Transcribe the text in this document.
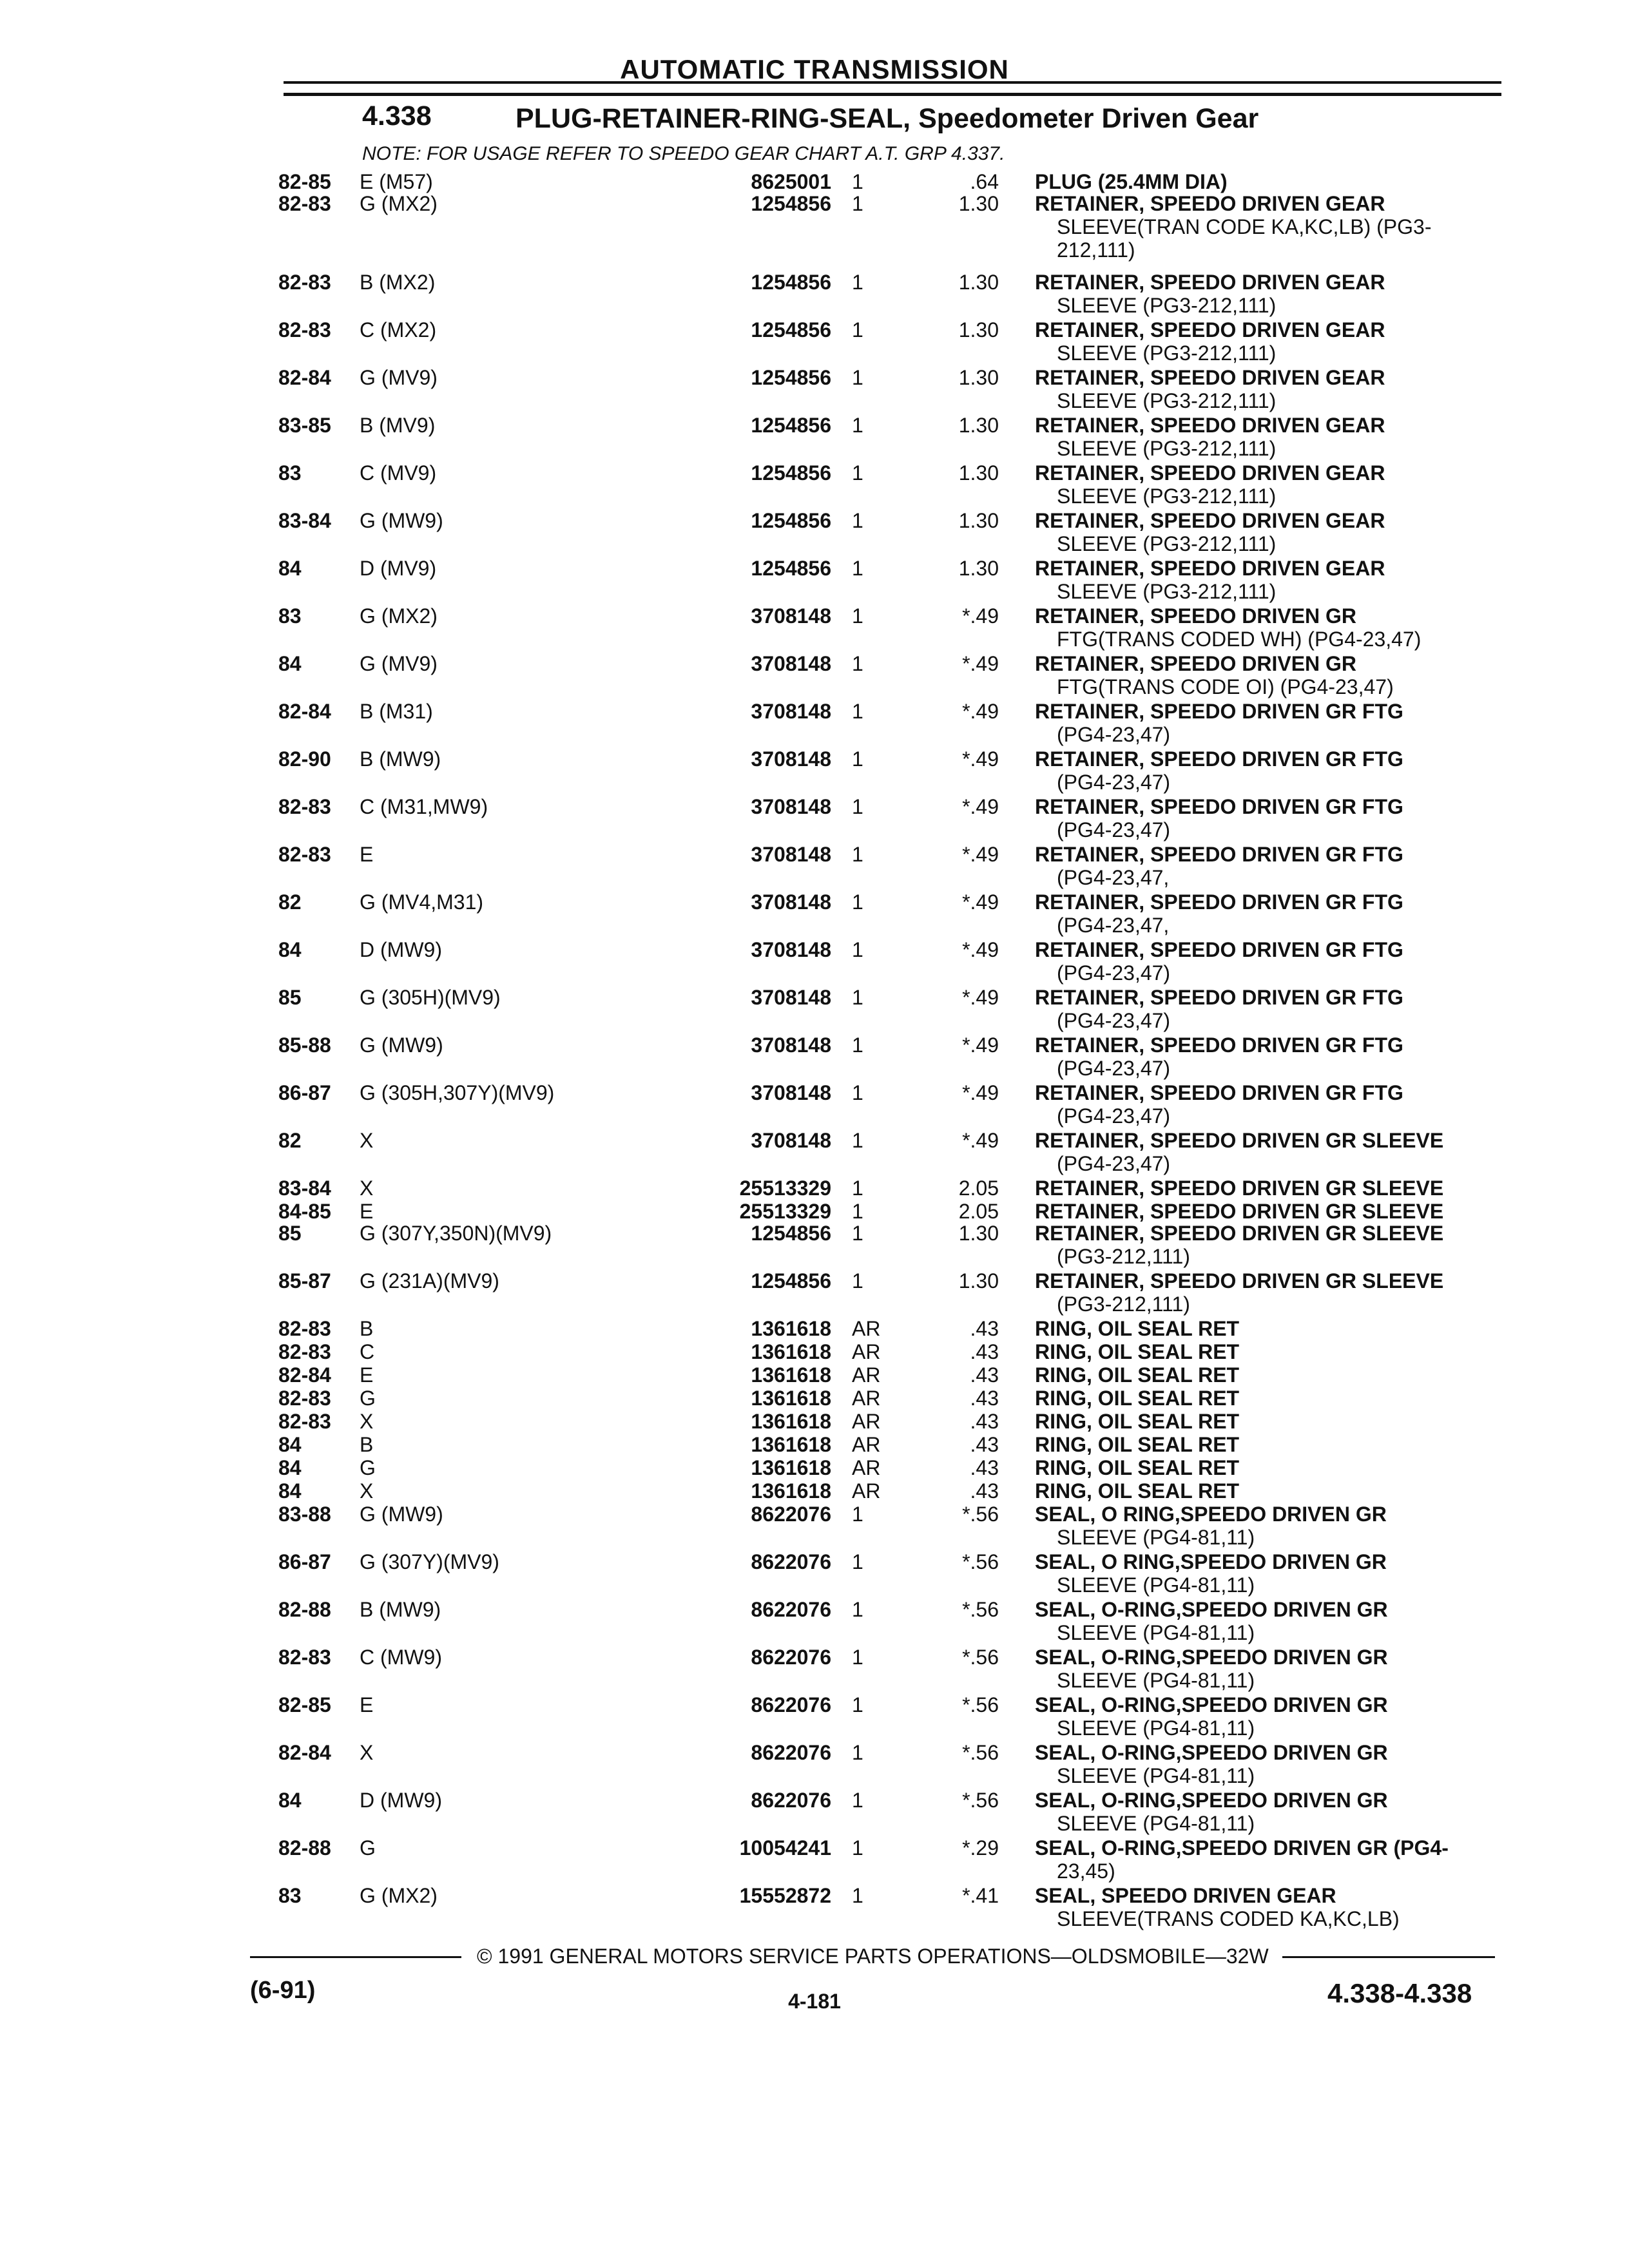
AUTOMATIC TRANSMISSION
4.338	PLUG-RETAINER-RING-SEAL, Speedometer Driven Gear
NOTE: FOR USAGE REFER TO SPEEDO GEAR CHART A.T. GRP 4.337.
82-85 E (M57)	8625001 1	.64 PLUG (25.4MM DIA)
82-83 G (MX2)	1254856 1	1.30 RETAINER, SPEEDO DRIVEN GEAR
SLEEVE(TRAN CODE KA,KC,LB) (PG3-
212,111)
82-83 B (MX2)	1254856 1	1.30 RETAINER, SPEEDO DRIVEN GEAR
SLEEVE (PG3-212,111)
82-83 C (MX2)	1254856 1	1.30 RETAINER, SPEEDO DRIVEN GEAR
SLEEVE (PG3-212,111)
82-84 G (MV9)	1254856 1	1.30 RETAINER, SPEEDO DRIVEN GEAR
SLEEVE (PG3-212,111)
83-85 B (MV9)	1254856 1	1.30 RETAINER, SPEEDO DRIVEN GEAR
SLEEVE (PG3-212,111)
83	C (MV9)	1254856 1	1.30 RETAINER, SPEEDO DRIVEN GEAR
SLEEVE (PG3-212,111)
83-84 G (MW9)	1254856 1	1.30 RETAINER, SPEEDO DRIVEN GEAR
SLEEVE (PG3-212,111)
84	D (MV9)	1254856 1	1.30 RETAINER, SPEEDO DRIVEN GEAR
SLEEVE (PG3-212,111)
83	G (MX2)	3708148 1	*.49 RETAINER, SPEEDO DRIVEN GR
FTG(TRANS CODED WH) (PG4-23,47)
84	G (MV9)	3708148 1	*.49 RETAINER, SPEEDO DRIVEN GR
FTG(TRANS CODE OI) (PG4-23,47)
82-84 B (M31)	3708148 1	*.49 RETAINER, SPEEDO DRIVEN GR FTG
(PG4-23,47)
82-90 B (MW9)	3708148 1	*.49 RETAINER, SPEEDO DRIVEN GR FTG
(PG4-23,47)
82-83 C (M31,MW9)	3708148 1	*.49 RETAINER, SPEEDO DRIVEN GR FTG
(PG4-23,47)
82-83 E	3708148 1	*.49 RETAINER, SPEEDO DRIVEN GR FTG
(PG4-23,47,
82	G (MV4,M31)	3708148 1	*.49 RETAINER, SPEEDO DRIVEN GR FTG
(PG4-23,47,
84	D (MW9)	3708148 1	*.49 RETAINER, SPEEDO DRIVEN GR FTG
(PG4-23,47)
85	G (305H)(MV9)	3708148 1	*.49 RETAINER, SPEEDO DRIVEN GR FTG
(PG4-23,47)
85-88 G (MW9)	3708148 1	*.49 RETAINER, SPEEDO DRIVEN GR FTG
(PG4-23,47)
86-87 G (305H,307Y)(MV9)	3708148 1	*.49 RETAINER, SPEEDO DRIVEN GR FTG
(PG4-23,47)
82	X	3708148 1	*.49 RETAINER, SPEEDO DRIVEN GR SLEEVE
(PG4-23,47)
83-84 X	25513329 1	2.05 RETAINER, SPEEDO DRIVEN GR SLEEVE
84-85 E	25513329 1	2.05 RETAINER, SPEEDO DRIVEN GR SLEEVE
85	G (307Y,350N)(MV9)	1254856 1	1.30 RETAINER, SPEEDO DRIVEN GR SLEEVE
(PG3-212,111)
85-87 G (231A)(MV9)	1254856 1	1.30 RETAINER, SPEEDO DRIVEN GR SLEEVE
(PG3-212,111)
82-83 B	1361618 AR	.43 RING, OIL SEAL RET
82-83 C	1361618 AR	.43 RING, OIL SEAL RET
82-84 E	1361618 AR	.43 RING, OIL SEAL RET
82-83 G	1361618 AR	.43 RING, OIL SEAL RET
82-83 X	1361618 AR	.43 RING, OIL SEAL RET
84	B	1361618 AR	.43 RING, OIL SEAL RET
84	G	1361618 AR	.43 RING, OIL SEAL RET
84	X	1361618 AR	.43 RING, OIL SEAL RET
83-88 G (MW9)	8622076 1	*.56 SEAL, O RING,SPEEDO DRIVEN GR
SLEEVE (PG4-81,11)
86-87 G (307Y)(MV9)	8622076 1	*.56 SEAL, O RING,SPEEDO DRIVEN GR
SLEEVE (PG4-81,11)
82-88 B (MW9)	8622076 1	*.56 SEAL, O-RING,SPEEDO DRIVEN GR
SLEEVE (PG4-81,11)
82-83 C (MW9)	8622076 1	*.56 SEAL, O-RING,SPEEDO DRIVEN GR
SLEEVE (PG4-81,11)
82-85 E	8622076 1	*.56 SEAL, O-RING,SPEEDO DRIVEN GR
SLEEVE (PG4-81,11)
82-84 X	8622076 1	*.56 SEAL, O-RING,SPEEDO DRIVEN GR
SLEEVE (PG4-81,11)
84	D (MW9)	8622076 1	*.56 SEAL, O-RING,SPEEDO DRIVEN GR
SLEEVE (PG4-81,11)
82-88 G	10054241 1	*.29 SEAL, O-RING,SPEEDO DRIVEN GR (PG4-
23,45)
83	G (MX2)	15552872 1	*.41 SEAL, SPEEDO DRIVEN GEAR
SLEEVE(TRANS CODED KA,KC,LB)
© 1991 GENERAL MOTORS SERVICE PARTS OPERATIONS—OLDSMOBILE—32W
(6-91)	4-181	4.338-4.338
